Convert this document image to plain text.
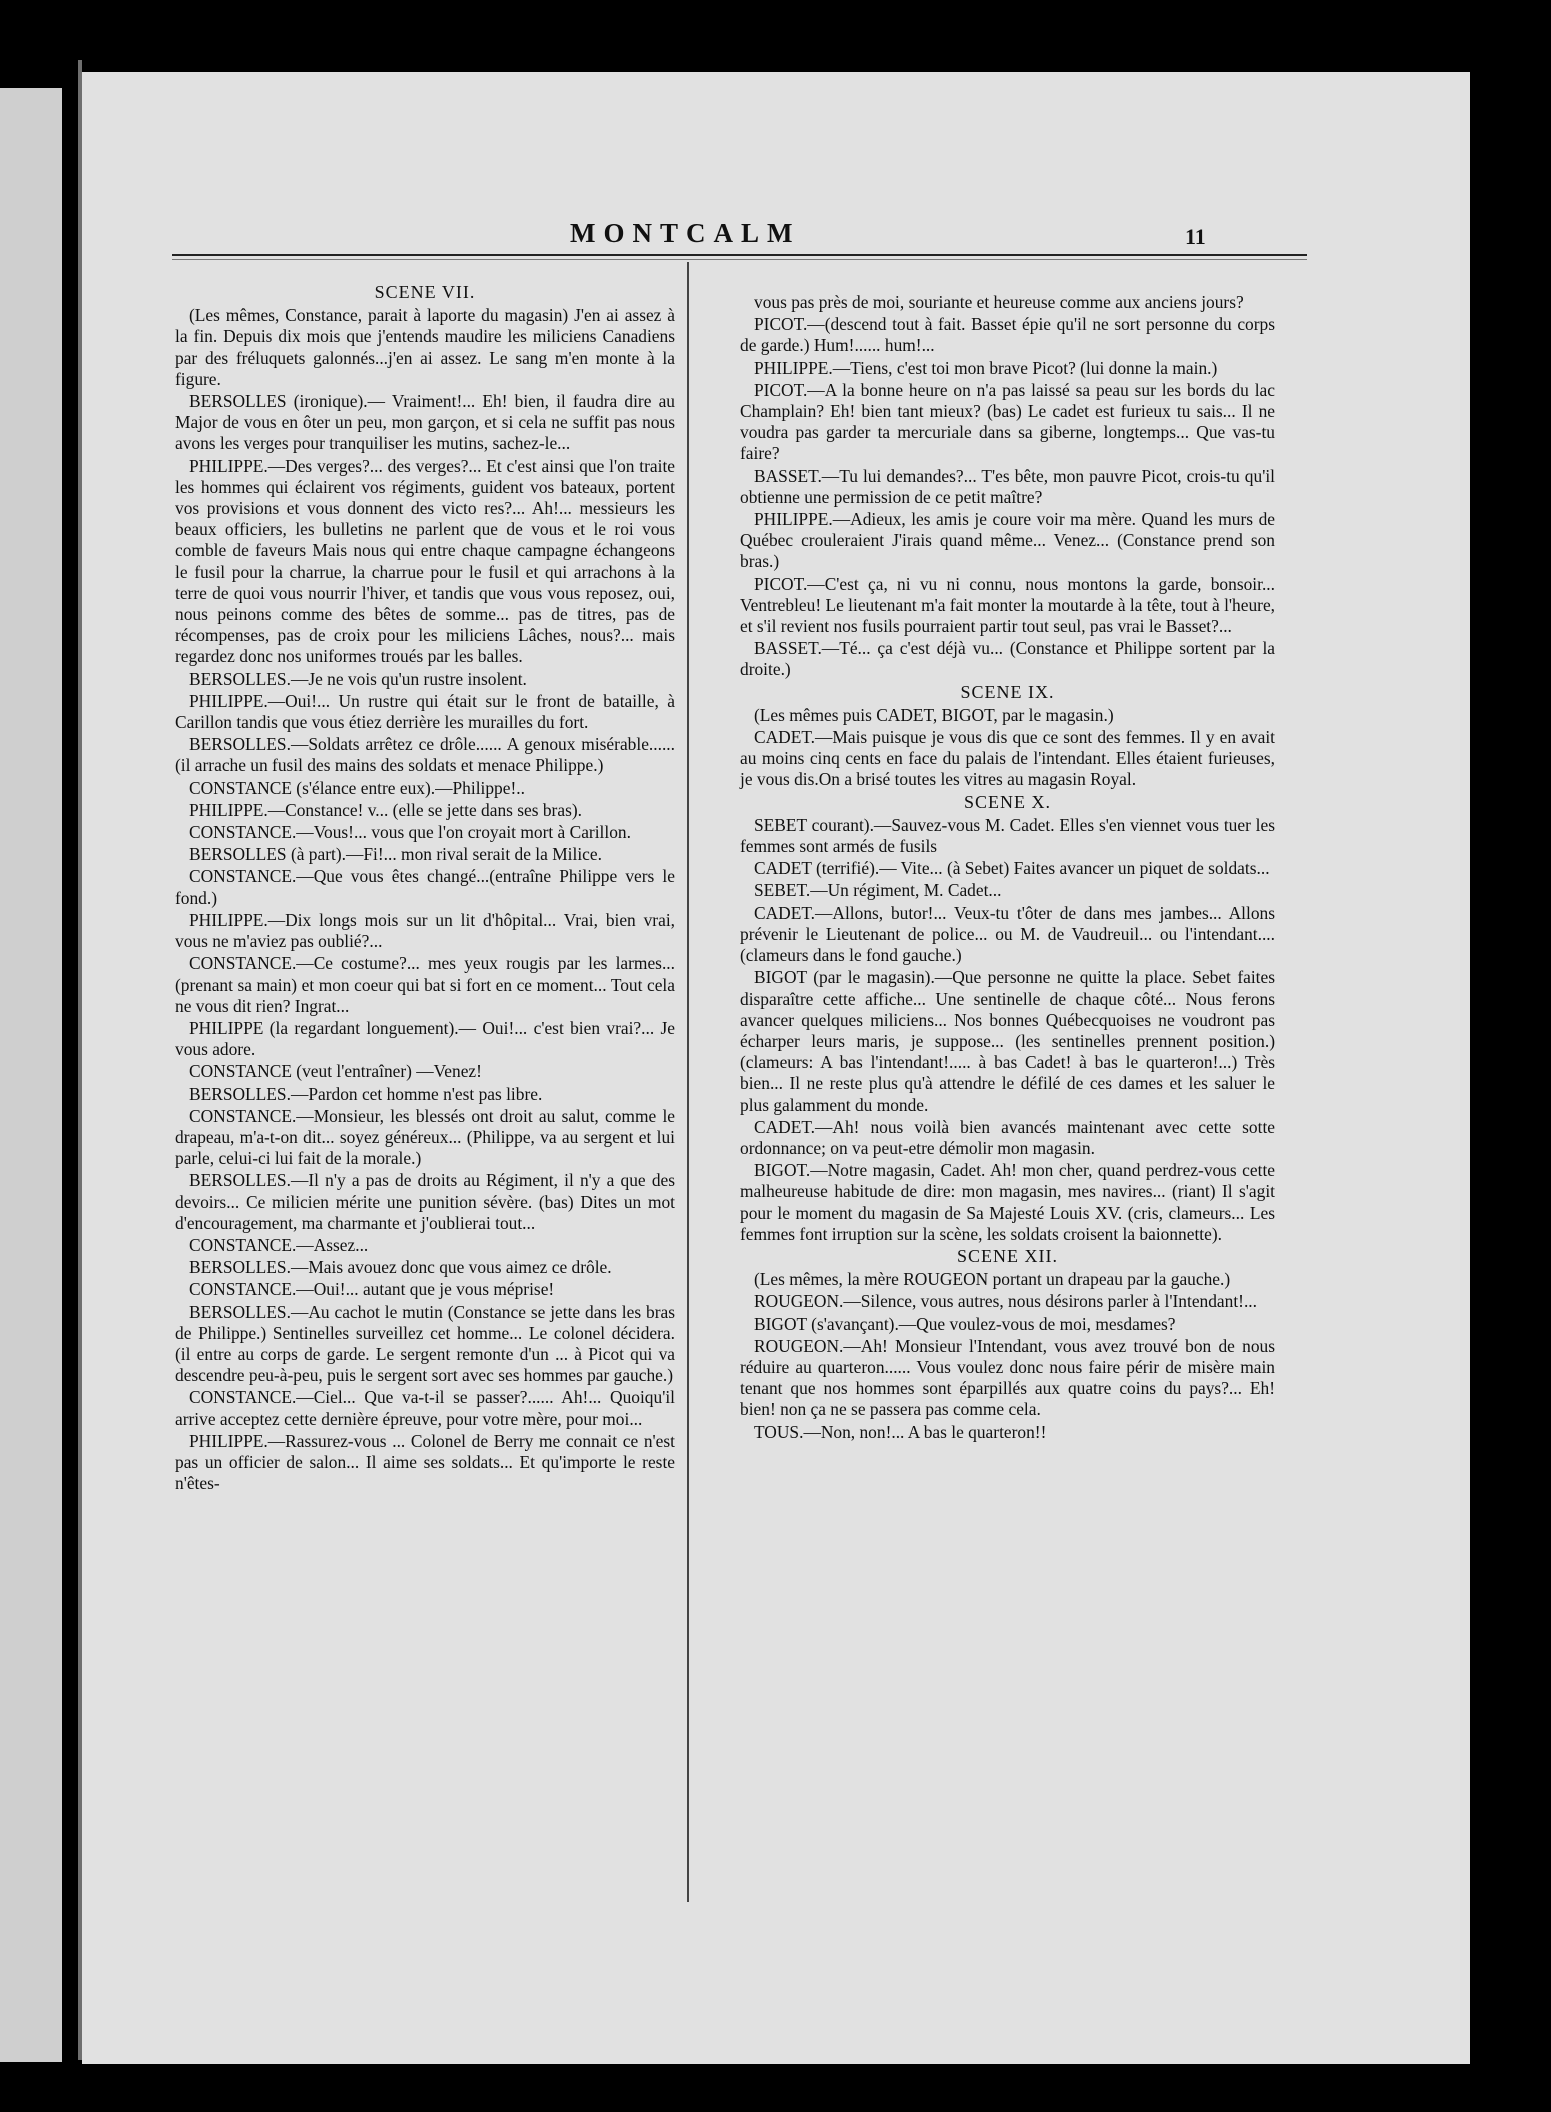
MONTCALM	11
SCENE VII.

(Les mêmes, Constance, parait à laporte du magasin) J'en ai assez à la fin. Depuis dix mois que j'entends maudire les miliciens Canadiens par des fréluquets galonnés...j'en ai assez. Le sang m'en monte à la figure.

BERSOLLES (ironique).— Vraiment!... Eh! bien, il faudra dire au Major de vous en ôter un peu, mon garçon, et si cela ne suffit pas nous avons les verges pour tranquiliser les mutins, sachez-le...

PHILIPPE.—Des verges?... des verges?... Et c'est ainsi que l'on traite les hommes qui éclairent vos régiments, guident vos bateaux, portent vos provisions et vous donnent des victo res?... Ah!... messieurs les beaux officiers, les bulletins ne parlent que de vous et le roi vous comble de faveurs Mais nous qui entre chaque campagne échangeons le fusil pour la charrue, la charrue pour le fusil et qui arrachons à la terre de quoi vous nourrir l'hiver, et tandis que vous vous reposez, oui, nous peinons comme des bêtes de somme... pas de titres, pas de récompenses, pas de croix pour les miliciens Lâches, nous?... mais regardez donc nos uniformes troués par les balles.

BERSOLLES.—Je ne vois qu'un rustre insolent.

PHILIPPE.—Oui!... Un rustre qui était sur le front de bataille, à Carillon tandis que vous étiez derrière les murailles du fort.

BERSOLLES.—Soldats arrêtez ce drôle...... A genoux misérable......(il arrache un fusil des mains des soldats et menace Philippe.)

CONSTANCE (s'élance entre eux).—Philippe!..

PHILIPPE.—Constance! v... (elle se jette dans ses bras).

CONSTANCE.—Vous!... vous que l'on croyait mort à Carillon.

BERSOLLES (à part).—Fi!... mon rival serait de la Milice.

CONSTANCE.—Que vous êtes changé...(entraîne Philippe vers le fond.)

PHILIPPE.—Dix longs mois sur un lit d'hôpital... Vrai, bien vrai, vous ne m'aviez pas oublié?...

CONSTANCE.—Ce costume?... mes yeux rougis par les larmes... (prenant sa main) et mon coeur qui bat si fort en ce moment... Tout cela ne vous dit rien? Ingrat...

PHILIPPE (la regardant longuement).— Oui!... c'est bien vrai?... Je vous adore.

CONSTANCE (veut l'entraîner) —Venez!

BERSOLLES.—Pardon cet homme n'est pas libre.

CONSTANCE.—Monsieur, les blessés ont droit au salut, comme le drapeau, m'a-t-on dit... soyez généreux... (Philippe, va au sergent et lui parle, celui-ci lui fait de la morale.)

BERSOLLES.—Il n'y a pas de droits au Régiment, il n'y a que des devoirs... Ce milicien mérite une punition sévère. (bas) Dites un mot d'encouragement, ma charmante et j'oublierai tout...

CONSTANCE.—Assez...

BERSOLLES.—Mais avouez donc que vous aimez ce drôle.

CONSTANCE.—Oui!... autant que je vous méprise!

BERSOLLES.—Au cachot le mutin (Constance se jette dans les bras de Philippe.) Sentinelles surveillez cet homme... Le colonel décidera. (il entre au corps de garde. Le sergent remonte d'un ... à Picot qui va descendre peu-à-peu, puis le sergent sort avec ses hommes par gauche.)

CONSTANCE.—Ciel... Que va-t-il se passer?...... Ah!... Quoiqu'il arrive acceptez cette dernière épreuve, pour votre mère, pour moi...

PHILIPPE.—Rassurez-vous ... Colonel de Berry me connait ce n'est pas un officier de salon... Il aime ses soldats... Et qu'importe le reste n'êtes-

vous pas près de moi, souriante et heureuse comme aux anciens jours?

PICOT.—(descend tout à fait. Basset épie qu'il ne sort personne du corps de garde.) Hum!...... hum!...

PHILIPPE.—Tiens, c'est toi mon brave Picot? (lui donne la main.)

PICOT.—A la bonne heure on n'a pas laissé sa peau sur les bords du lac Champlain? Eh! bien tant mieux? (bas) Le cadet est furieux tu sais... Il ne voudra pas garder ta mercuriale dans sa giberne, longtemps... Que vas-tu faire?

BASSET.—Tu lui demandes?... T'es bête, mon pauvre Picot, crois-tu qu'il obtienne une permission de ce petit maître?

PHILIPPE.—Adieux, les amis je coure voir ma mère. Quand les murs de Québec crouleraient J'irais quand même... Venez... (Constance prend son bras.)

PICOT.—C'est ça, ni vu ni connu, nous montons la garde, bonsoir... Ventrebleu! Le lieutenant m'a fait monter la moutarde à la tête, tout à l'heure, et s'il revient nos fusils pourraient partir tout seul, pas vrai le Basset?...

BASSET.—Té... ça c'est déjà vu... (Constance et Philippe sortent par la droite.)

SCENE IX.

(Les mêmes puis CADET, BIGOT, par le magasin.)

CADET.—Mais puisque je vous dis que ce sont des femmes. Il y en avait au moins cinq cents en face du palais de l'intendant. Elles étaient furieuses, je vous dis.On a brisé toutes les vitres au magasin Royal.

SCENE X.

SEBET courant).—Sauvez-vous M. Cadet. Elles s'en viennet vous tuer les femmes sont armés de fusils

CADET (terrifié).— Vite... (à Sebet) Faites avancer un piquet de soldats...

SEBET.—Un régiment, M. Cadet...

CADET.—Allons, butor!... Veux-tu t'ôter de dans mes jambes... Allons prévenir le Lieutenant de police... ou M. de Vaudreuil... ou l'intendant.... (clameurs dans le fond gauche.)

BIGOT (par le magasin).—Que personne ne quitte la place. Sebet faites disparaître cette affiche... Une sentinelle de chaque côté... Nous ferons avancer quelques miliciens... Nos bonnes Québecquoises ne voudront pas écharper leurs maris, je suppose... (les sentinelles prennent position.) (clameurs: A bas l'intendant!..... à bas Cadet! à bas le quarteron!...) Très bien... Il ne reste plus qu'à attendre le défilé de ces dames et les saluer le plus galamment du monde.

CADET.—Ah! nous voilà bien avancés maintenant avec cette sotte ordonnance; on va peut-etre démolir mon magasin.

BIGOT.—Notre magasin, Cadet. Ah! mon cher, quand perdrez-vous cette malheureuse habitude de dire: mon magasin, mes navires... (riant) Il s'agit pour le moment du magasin de Sa Majesté Louis XV. (cris, clameurs... Les femmes font irruption sur la scène, les soldats croisent la baionnette).

SCENE XII.

(Les mêmes, la mère ROUGEON portant un drapeau par la gauche.)

ROUGEON.—Silence, vous autres, nous désirons parler à l'Intendant!...

BIGOT (s'avançant).—Que voulez-vous de moi, mesdames?

ROUGEON.—Ah! Monsieur l'Intendant, vous avez trouvé bon de nous réduire au quarteron...... Vous voulez donc nous faire périr de misère main tenant que nos hommes sont éparpillés aux quatre coins du pays?... Eh! bien! non ça ne se passera pas comme cela.

TOUS.—Non, non!... A bas le quarteron!!
